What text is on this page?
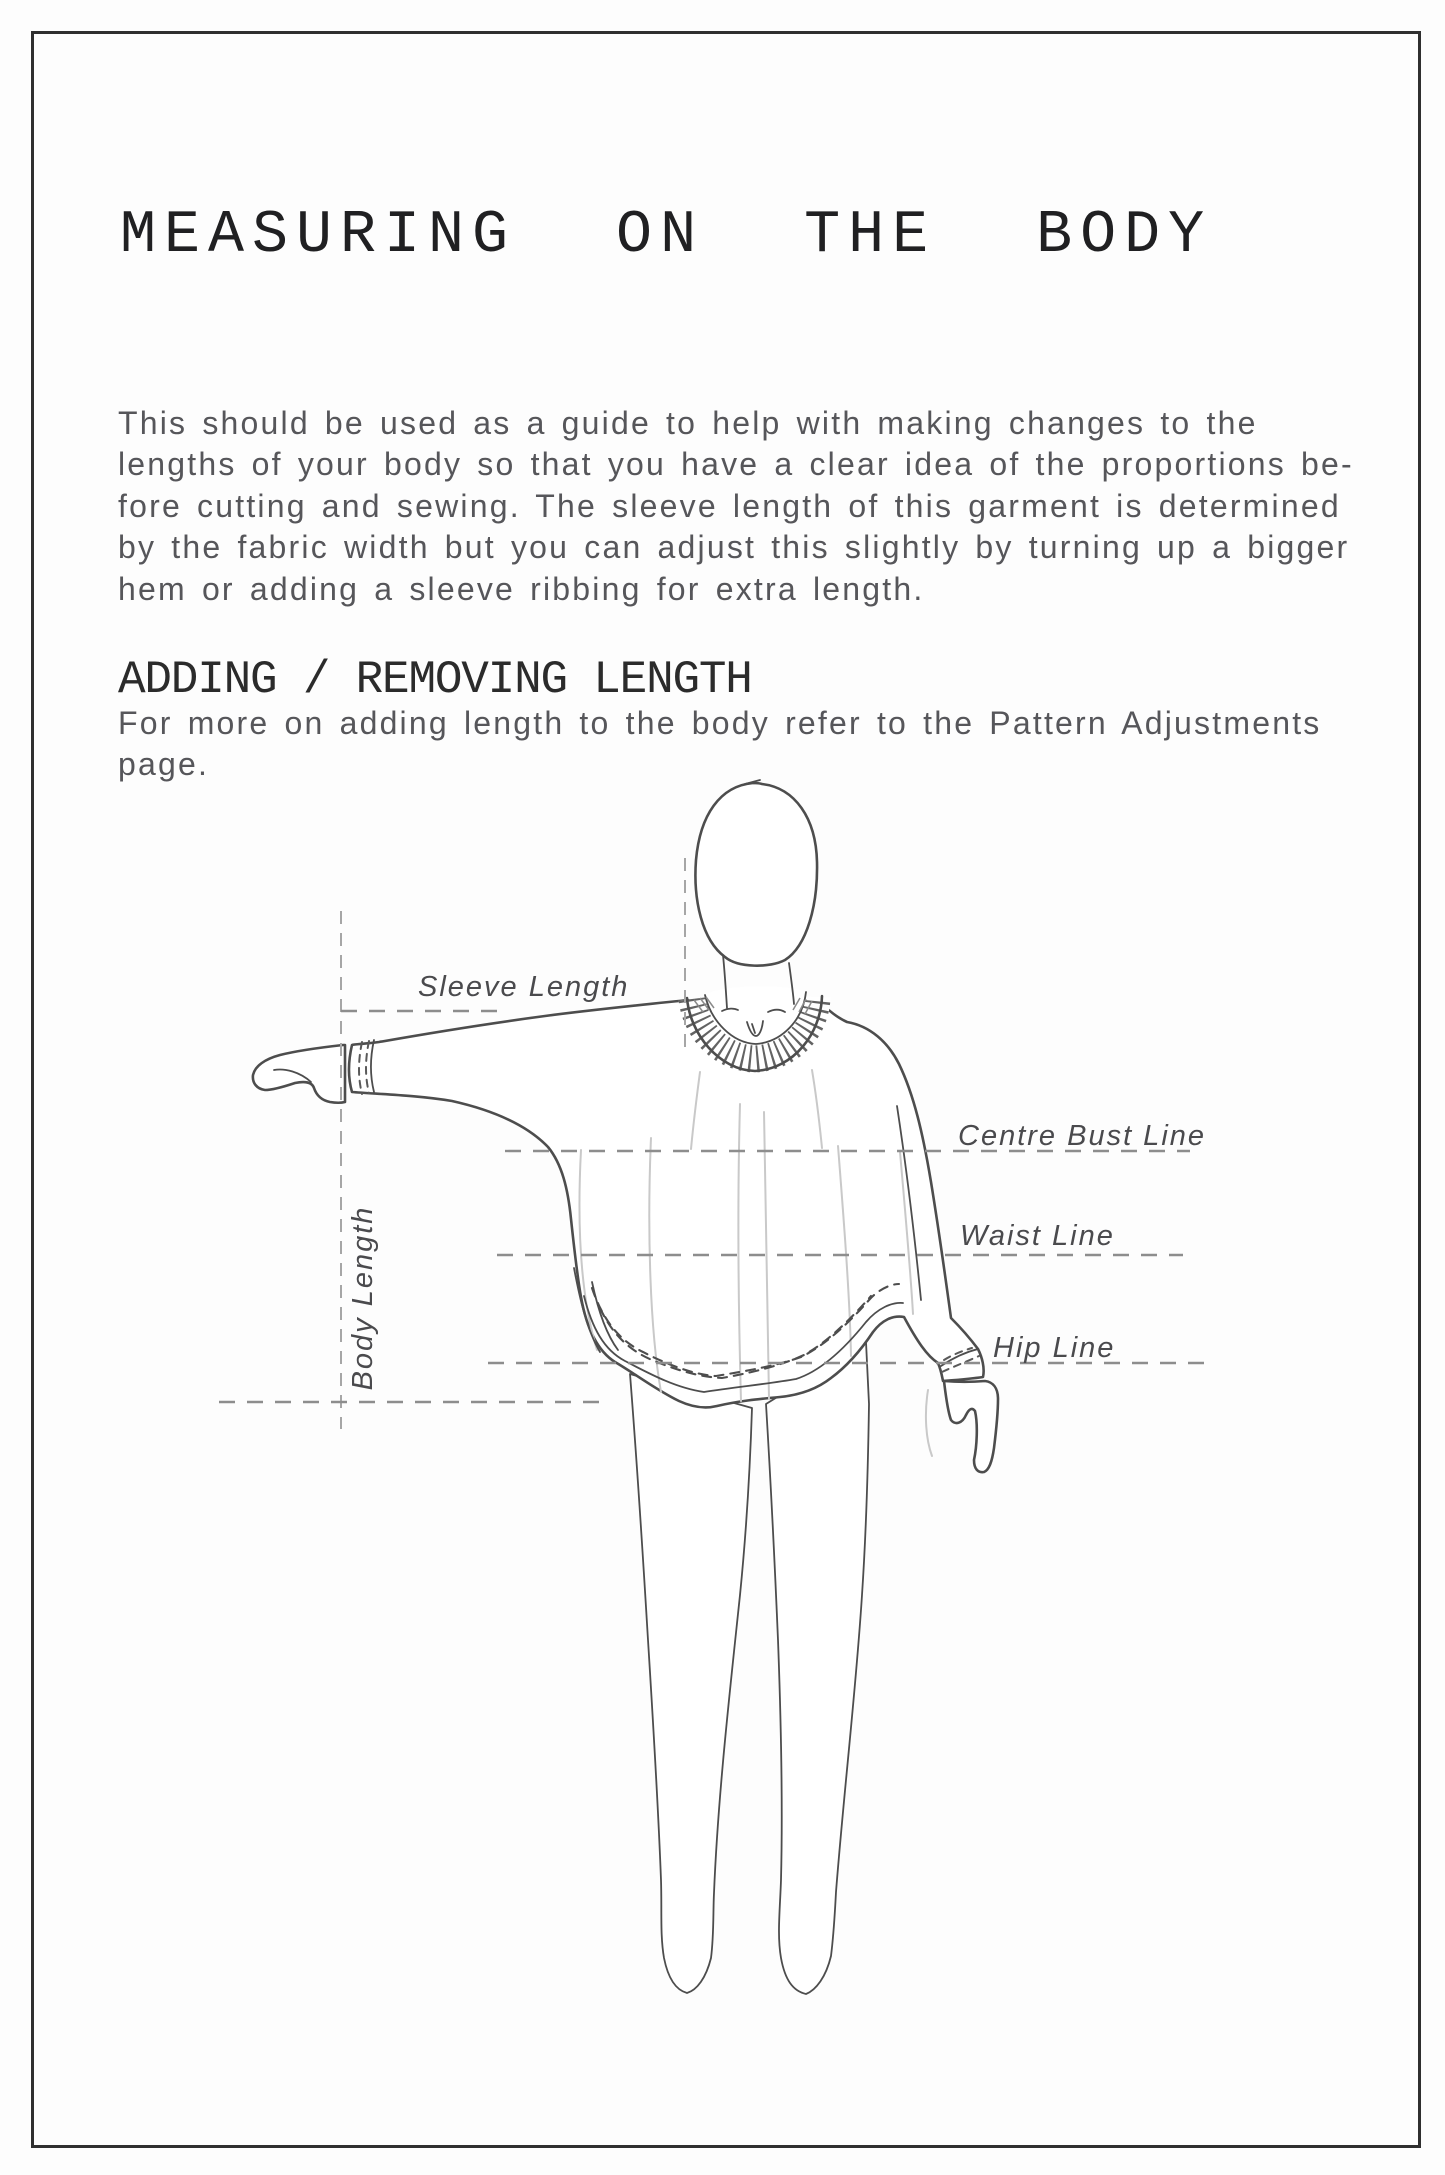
MEASURING ON THE BODY
This should be used as a guide to help with making changes to the
lengths of your body so that you have a clear idea of the proportions be-
fore cutting and sewing. The sleeve length of this garment is determined
by the fabric width but you can adjust this slightly by turning up a bigger
hem or adding a sleeve ribbing for extra length.
ADDING / REMOVING LENGTH
For more on adding length to the body refer to the Pattern Adjustments
page.
Sleeve Length
Centre Bust Line
Waist Line
Hip Line
Body Length
